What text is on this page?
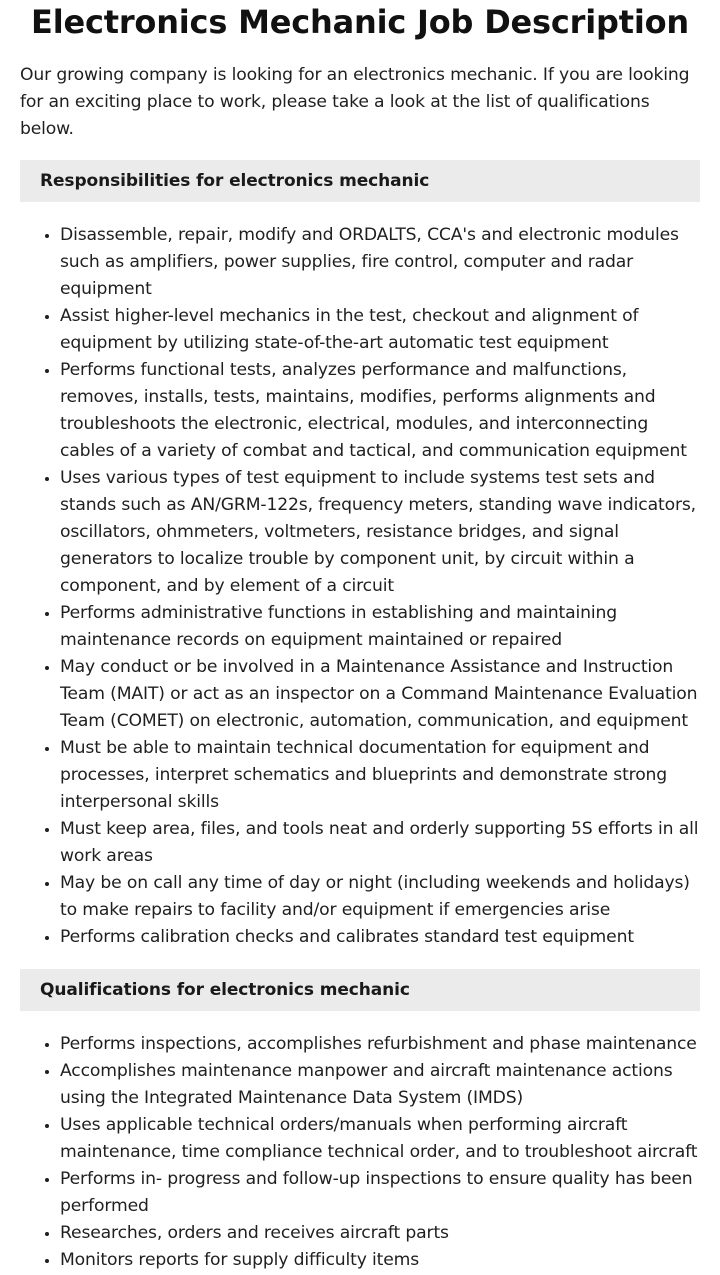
Electronics Mechanic Job Description

Our growing company is looking for an electronics mechanic. If you are looking for an exciting place to work, please take a look at the list of qualifications below.

Responsibilities for electronics mechanic
• Disassemble, repair, modify and ORDALTS, CCA's and electronic modules such as amplifiers, power supplies, fire control, computer and radar equipment
• Assist higher-level mechanics in the test, checkout and alignment of equipment by utilizing state-of-the-art automatic test equipment
• Performs functional tests, analyzes performance and malfunctions, removes, installs, tests, maintains, modifies, performs alignments and troubleshoots the electronic, electrical, modules, and interconnecting cables of a variety of combat and tactical, and communication equipment
• Uses various types of test equipment to include systems test sets and stands such as AN/GRM-122s, frequency meters, standing wave indicators, oscillators, ohmmeters, voltmeters, resistance bridges, and signal generators to localize trouble by component unit, by circuit within a component, and by element of a circuit
• Performs administrative functions in establishing and maintaining maintenance records on equipment maintained or repaired
• May conduct or be involved in a Maintenance Assistance and Instruction Team (MAIT) or act as an inspector on a Command Maintenance Evaluation Team (COMET) on electronic, automation, communication, and equipment
• Must be able to maintain technical documentation for equipment and processes, interpret schematics and blueprints and demonstrate strong interpersonal skills
• Must keep area, files, and tools neat and orderly supporting 5S efforts in all work areas
• May be on call any time of day or night (including weekends and holidays) to make repairs to facility and/or equipment if emergencies arise
• Performs calibration checks and calibrates standard test equipment
Qualifications for electronics mechanic
• Performs inspections, accomplishes refurbishment and phase maintenance
• Accomplishes maintenance manpower and aircraft maintenance actions using the Integrated Maintenance Data System (IMDS)
• Uses applicable technical orders/manuals when performing aircraft maintenance, time compliance technical order, and to troubleshoot aircraft
• Performs in- progress and follow-up inspections to ensure quality has been performed
• Researches, orders and receives aircraft parts
• Monitors reports for supply difficulty items
